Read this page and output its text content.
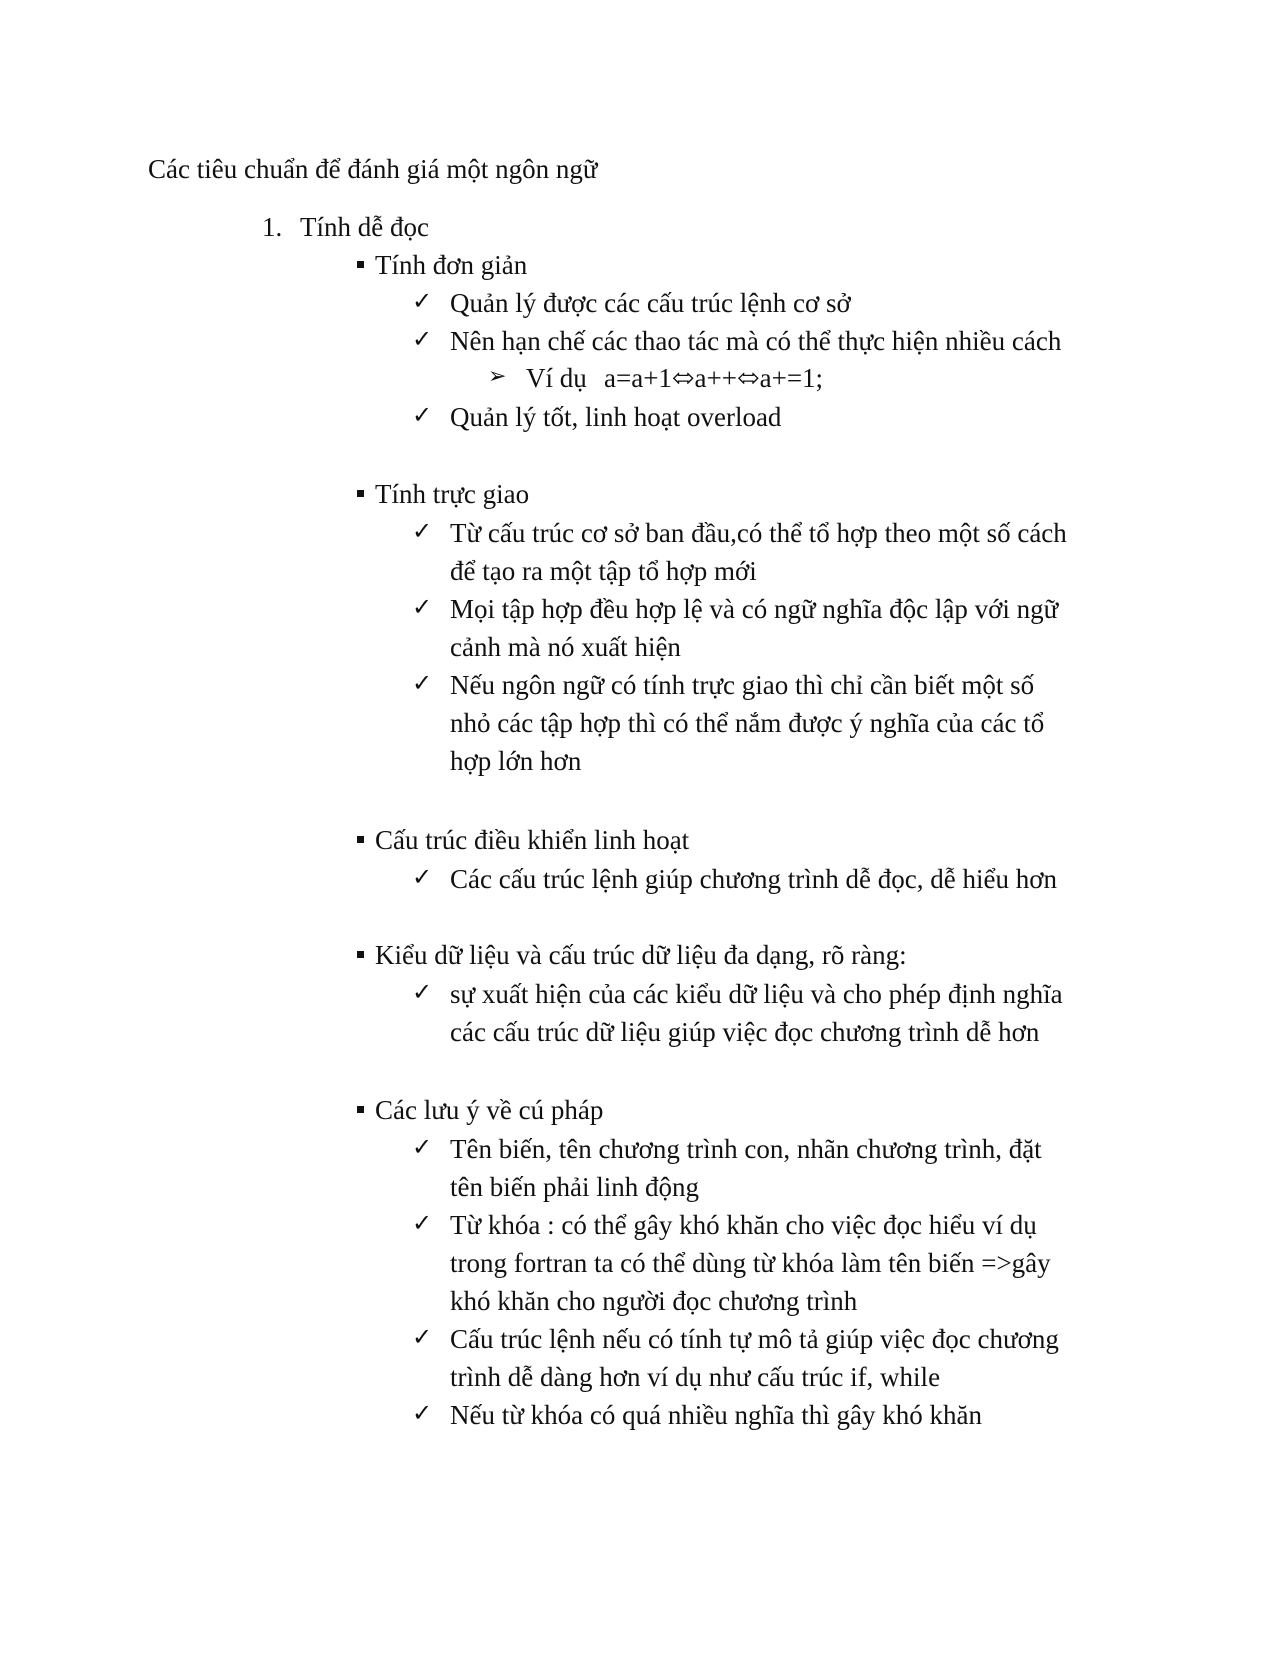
Các tiêu chuẩn để đánh giá một ngôn ngữ
1. Tính dễ đọc
Tính đơn giản
✓ Quản lý được các cấu trúc lệnh cơ sở
✓ Nên hạn chế các thao tác mà có thể thực hiện nhiều cách
➢ Ví dụ a=a+1⬄a++⬄a+=1;
✓ Quản lý tốt, linh hoạt overload
Tính trực giao
✓ Từ cấu trúc cơ sở ban đầu,có thể tổ hợp theo một số cách
để tạo ra một tập tổ hợp mới
✓ Mọi tập hợp đều hợp lệ và có ngữ nghĩa độc lập với ngữ
cảnh mà nó xuất hiện
✓ Nếu ngôn ngữ có tính trực giao thì chỉ cần biết một số
nhỏ các tập hợp thì có thể nắm được ý nghĩa của các tổ
hợp lớn hơn
Cấu trúc điều khiển linh hoạt
✓ Các cấu trúc lệnh giúp chương trình dễ đọc, dễ hiểu hơn
Kiểu dữ liệu và cấu trúc dữ liệu đa dạng, rõ ràng:
✓ sự xuất hiện của các kiểu dữ liệu và cho phép định nghĩa
các cấu trúc dữ liệu giúp việc đọc chương trình dễ hơn
Các lưu ý về cú pháp
✓ Tên biến, tên chương trình con, nhãn chương trình, đặt
tên biến phải linh động
✓ Từ khóa : có thể gây khó khăn cho việc đọc hiểu ví dụ
trong fortran ta có thể dùng từ khóa làm tên biến =>gây
khó khăn cho người đọc chương trình
✓ Cấu trúc lệnh nếu có tính tự mô tả giúp việc đọc chương
trình dễ dàng hơn ví dụ như cấu trúc if, while
✓ Nếu từ khóa có quá nhiều nghĩa thì gây khó khăn
